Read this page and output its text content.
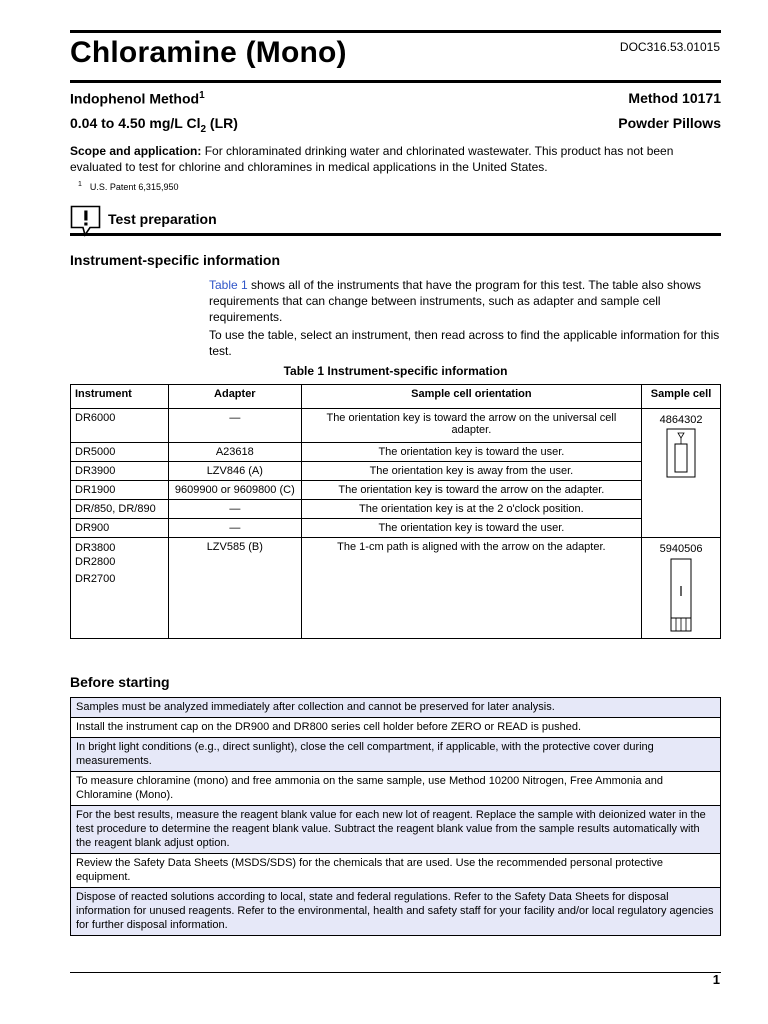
Chloramine (Mono)	DOC316.53.01015
Indophenol Method$^1$	Method 10171
0.04 to 4.50 mg/L $Cl_2$ (LR)	Powder Pillows
Scope and application: For chloraminated drinking water and chlorinated wastewater. This product has not been evaluated to test for chlorine and chloramines in medical applications in the United States.
$^1$ U.S. Patent 6,315,950
Test preparation
Instrument-specific information
Table 1 shows all of the instruments that have the program for this test. The table also shows requirements that can change between instruments, such as adapter and sample cell requirements.
To use the table, select an instrument, then read across to find the applicable information for this test.
Table 1 Instrument-specific information
Instrument	Adapter	Sample cell orientation	Sample cell
DR6000	—	The orientation key is toward the arrow on the universal cell adapter.	4864302

DR5000	A23618	The orientation key is toward the user.	
DR3900	LZV846 (A)	The orientation key is away from the user.	
DR1900	9609900 or 9609800 (C)	The orientation key is toward the arrow on the adapter.	
DR/850, DR/890	—	The orientation key is at the 2 o'clock position.	
DR900	—	The orientation key is toward the user.	

DR3800
DR2800
DR2700	LZV585 (B)	The 1-cm path is aligned with the arrow on the adapter.	5940506
Before starting
Samples must be analyzed immediately after collection and cannot be preserved for later analysis.
Install the instrument cap on the DR900 and DR800 series cell holder before ZERO or READ is pushed.
In bright light conditions (e.g., direct sunlight), close the cell compartment, if applicable, with the protective cover during measurements.
To measure chloramine (mono) and free ammonia on the same sample, use Method 10200 Nitrogen, Free Ammonia and Chloramine (Mono).
For the best results, measure the reagent blank value for each new lot of reagent. Replace the sample with deionized water in the test procedure to determine the reagent blank value. Subtract the reagent blank value from the sample results automatically with the reagent blank adjust option.
Review the Safety Data Sheets (MSDS/SDS) for the chemicals that are used. Use the recommended personal protective equipment.
Dispose of reacted solutions according to local, state and federal regulations. Refer to the Safety Data Sheets for disposal information for unused reagents. Refer to the environmental, health and safety staff for your facility and/or local regulatory agencies for further disposal information.
1
